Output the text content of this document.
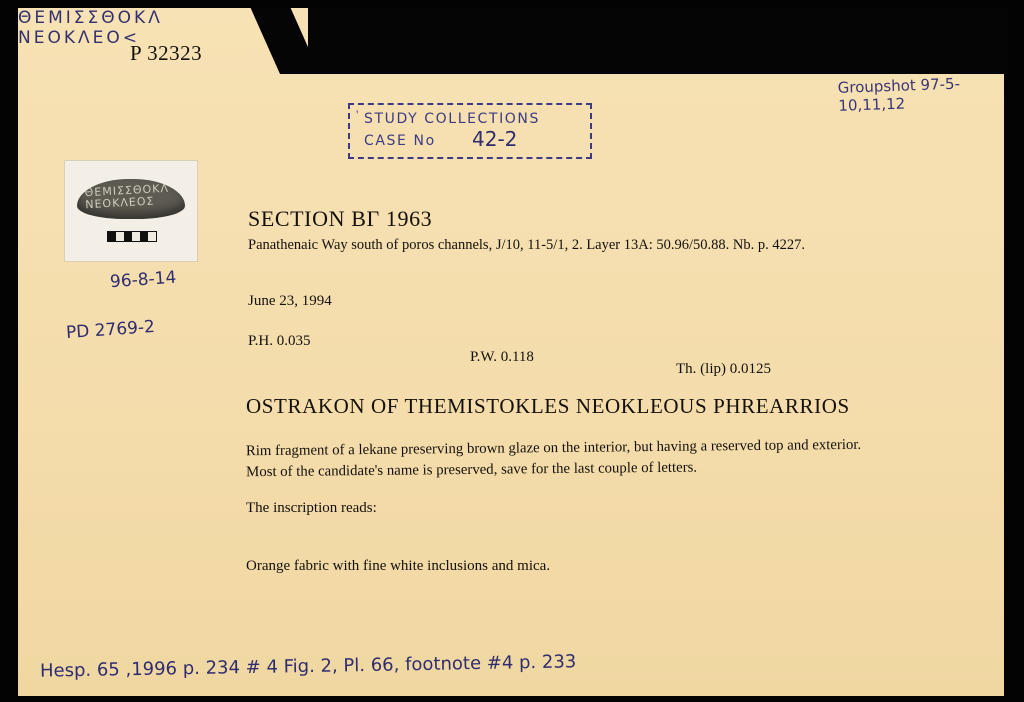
P 32323
Groupshot 97-5-10,11,12
' STUDY COLLECTIONS
CASE No 42-2
ΘΕΜΙΣΣΘΟΚΛ
ΝΕΟΚΛΕΟΣ
96-8-14
PD 2769-2
SECTION BΓ 1963
Panathenaic Way south of poros channels, J/10, 11-5/1, 2. Layer 13A: 50.96/50.88. Nb. p. 4227.
June 23, 1994
P.H. 0.035
P.W. 0.118
Th. (lip) 0.0125
OSTRAKON OF THEMISTOKLES NEOKLEOUS PHREARRIOS
Rim fragment of a lekane preserving brown glaze on the interior, but having a reserved top and exterior. Most of the candidate's name is preserved, save for the last couple of letters.
The inscription reads:
ΘΕΜΙΣΣΘΟΚΛ
ΝΕΟΚΛΕΟ<
Orange fabric with fine white inclusions and mica.
Hesp. 65 ,1996 p. 234 # 4 Fig. 2, Pl. 66, footnote #4 p. 233
